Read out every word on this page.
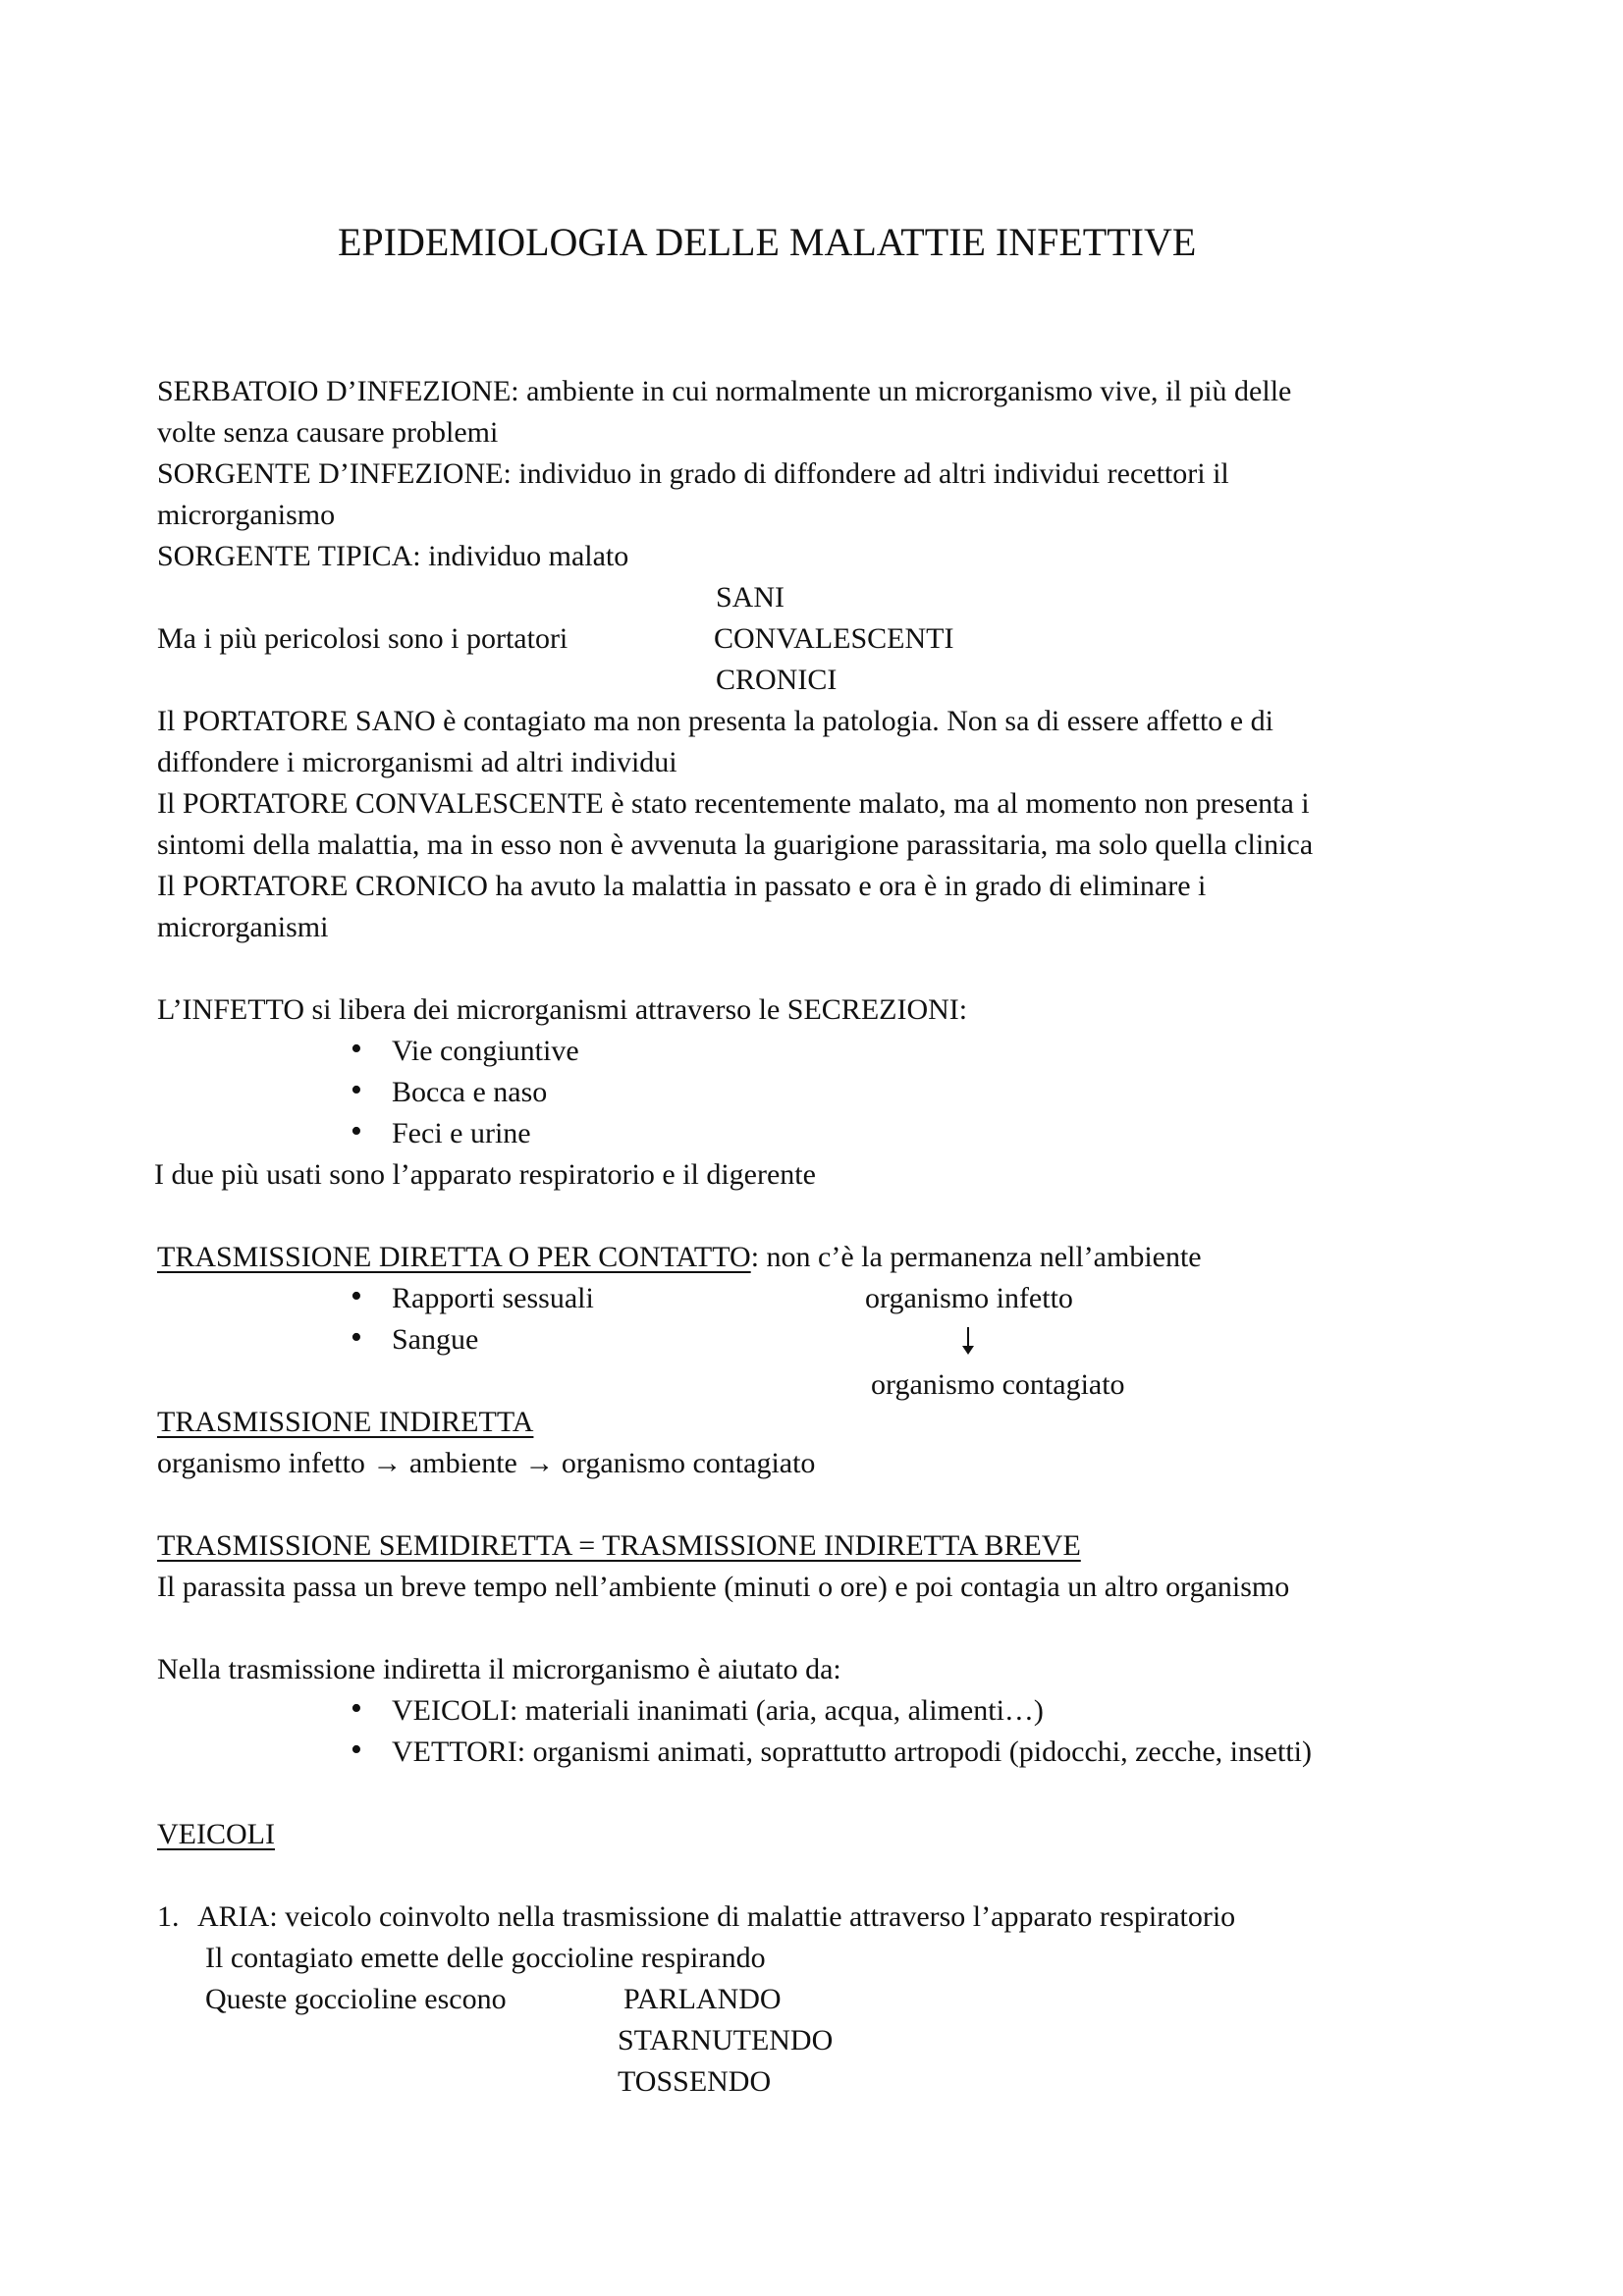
EPIDEMIOLOGIA DELLE MALATTIE INFETTIVE
SERBATOIO D’INFEZIONE: ambiente in cui normalmente un microrganismo vive, il più delle
volte senza causare problemi
SORGENTE D’INFEZIONE: individuo in grado di diffondere ad altri individui recettori il
microrganismo
SORGENTE TIPICA: individuo malato
SANI
Ma i più pericolosi sono i portatori	CONVALESCENTI
CRONICI
Il PORTATORE SANO è contagiato ma non presenta la patologia. Non sa di essere affetto e di
diffondere i microrganismi ad altri individui
Il PORTATORE CONVALESCENTE è stato recentemente malato, ma al momento non presenta i
sintomi della malattia, ma in esso non è avvenuta la guarigione parassitaria, ma solo quella clinica
Il PORTATORE CRONICO ha avuto la malattia in passato e ora è in grado di eliminare i
microrganismi
L’INFETTO si libera dei microrganismi attraverso le SECREZIONI:
• Vie congiuntive
• Bocca e naso
• Feci e urine
I due più usati sono l’apparato respiratorio e il digerente
TRASMISSIONE DIRETTA O PER CONTATTO: non c’è la permanenza nell’ambiente
• Rapporti sessuali	organismo infetto
• Sangue
organismo contagiato
TRASMISSIONE INDIRETTA
organismo infetto → ambiente → organismo contagiato
TRASMISSIONE SEMIDIRETTA = TRASMISSIONE INDIRETTA BREVE
Il parassita passa un breve tempo nell’ambiente (minuti o ore) e poi contagia un altro organismo
Nella trasmissione indiretta il microrganismo è aiutato da:
• VEICOLI: materiali inanimati (aria, acqua, alimenti…)
• VETTORI: organismi animati, soprattutto artropodi (pidocchi, zecche, insetti)
VEICOLI
1. ARIA: veicolo coinvolto nella trasmissione di malattie attraverso l’apparato respiratorio
Il contagiato emette delle goccioline respirando
Queste goccioline escono	PARLANDO
STARNUTENDO
TOSSENDO
